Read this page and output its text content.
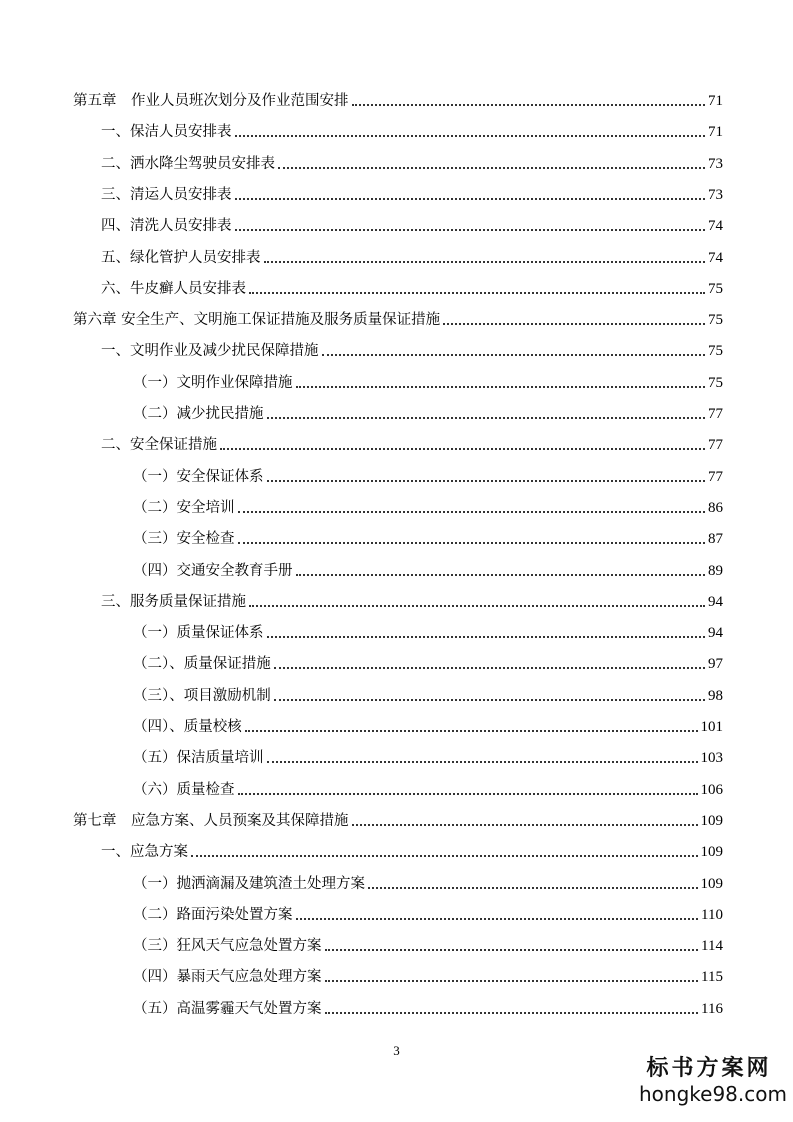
第五章　作业人员班次划分及作业范围安排	71
一、保洁人员安排表	71
二、洒水降尘驾驶员安排表	73
三、清运人员安排表	73
四、清洗人员安排表	74
五、绿化管护人员安排表	74
六、牛皮癣人员安排表	75
第六章 安全生产、文明施工保证措施及服务质量保证措施	75
一、文明作业及减少扰民保障措施	75
（一）文明作业保障措施	75
（二）减少扰民措施	77
二、安全保证措施	77
（一）安全保证体系	77
（二）安全培训	86
（三）安全检查	87
（四）交通安全教育手册	89
三、服务质量保证措施	94
（一）质量保证体系	94
（二）、质量保证措施	97
（三）、项目激励机制	98
（四）、质量校核	101
（五）保洁质量培训	103
（六）质量检查	106
第七章　应急方案、人员预案及其保障措施	109
一、应急方案	109
（一）抛洒滴漏及建筑渣土处理方案	109
（二）路面污染处置方案	110
（三）狂风天气应急处置方案	114
（四）暴雨天气应急处理方案	115
（五）高温雾霾天气处置方案	116
3
标书方案网
hongke98.com
